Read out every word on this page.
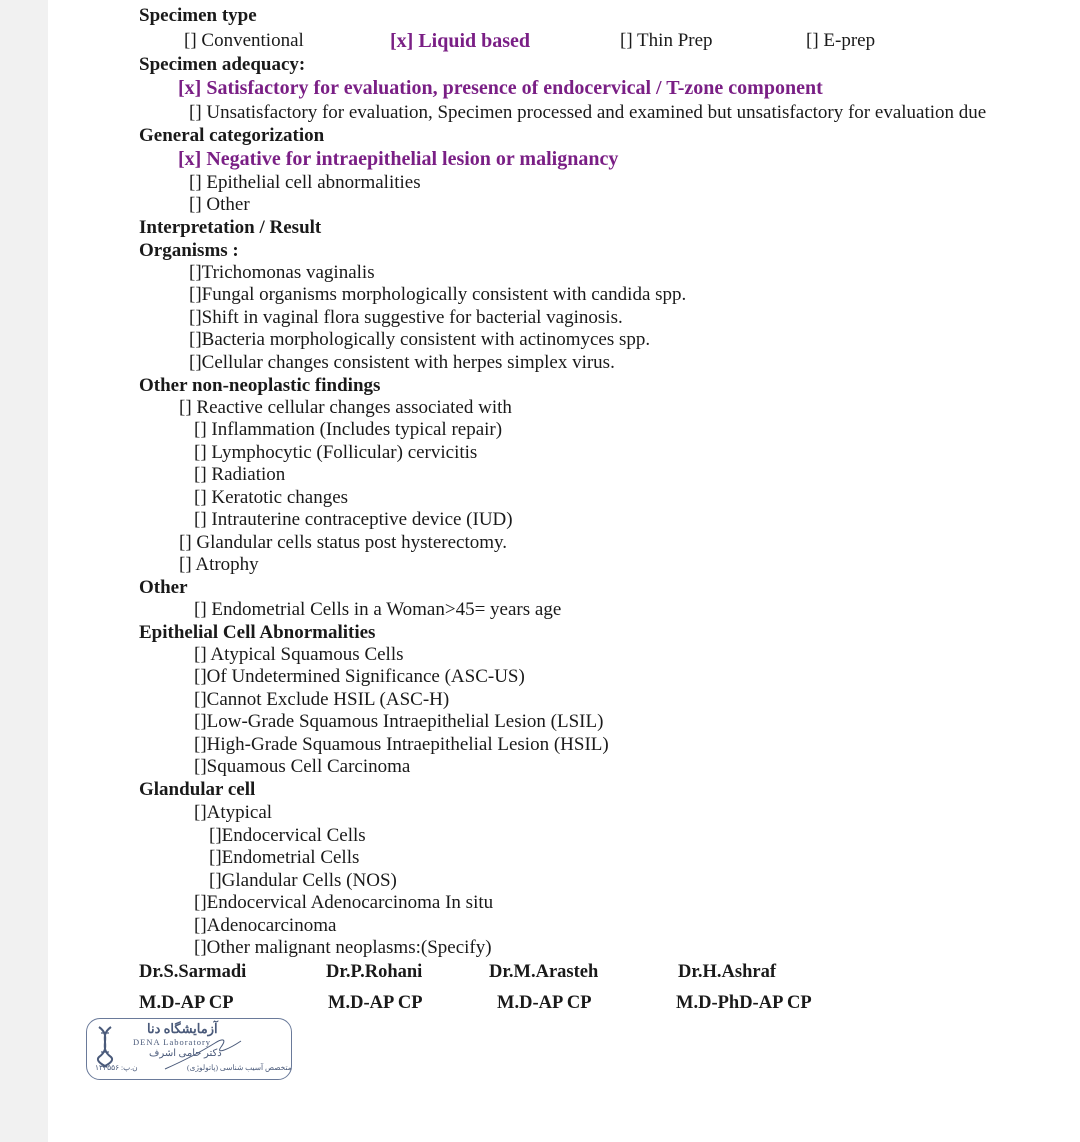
Specimen type
[] Conventional	[x] Liquid based	[] Thin Prep	[] E-prep
Specimen adequacy:
[x] Satisfactory for evaluation, presence of endocervical / T-zone component
[] Unsatisfactory for evaluation, Specimen processed and examined but unsatisfactory for evaluation due
General categorization
[x] Negative for intraepithelial lesion or malignancy
[] Epithelial cell abnormalities
[] Other
Interpretation / Result
Organisms :
[]Trichomonas vaginalis
[]Fungal organisms morphologically consistent with candida spp.
[]Shift in vaginal flora suggestive for bacterial vaginosis.
[]Bacteria morphologically consistent with actinomyces spp.
[]Cellular changes consistent with herpes simplex virus.
Other non-neoplastic findings
[] Reactive cellular changes associated with
[] Inflammation (Includes typical repair)
[] Lymphocytic (Follicular) cervicitis
[] Radiation
[] Keratotic changes
[] Intrauterine contraceptive device (IUD)
[] Glandular cells status post hysterectomy.
[] Atrophy
Other
[] Endometrial Cells in a Woman>45= years age
Epithelial Cell Abnormalities
[] Atypical Squamous Cells
[]Of Undetermined Significance (ASC-US)
[]Cannot Exclude HSIL (ASC-H)
[]Low-Grade Squamous Intraepithelial Lesion (LSIL)
[]High-Grade Squamous Intraepithelial Lesion (HSIL)
[]Squamous Cell Carcinoma
Glandular cell
[]Atypical
[]Endocervical Cells
[]Endometrial Cells
[]Glandular Cells (NOS)
[]Endocervical Adenocarcinoma In situ
[]Adenocarcinoma
[]Other malignant neoplasms:(Specify)
Dr.S.Sarmadi	Dr.P.Rohani	Dr.M.Arasteh	Dr.H.Ashraf
M.D-AP CP	M.D-AP CP	M.D-AP CP	M.D-PhD-AP CP
آزمایشگاه دنا
DENA Laboratory
دکتر حامی اشرف
متخصص آسیب شناسی (پاتولوژی)
ن.پ: ۱۳۳۵۵۶
